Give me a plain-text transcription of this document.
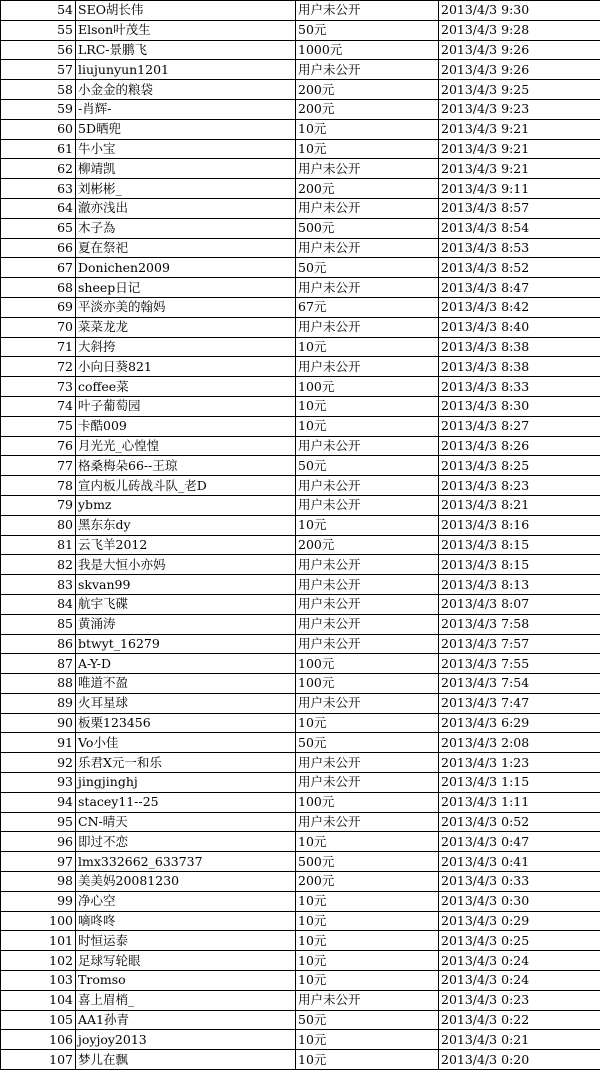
54	SEO胡长伟	用户未公开	2013/4/3 9:30
55	Elson叶茂生	50元	2013/4/3 9:28
56	LRC-景鹏飞	1000元	2013/4/3 9:26
57	liujunyun1201	用户未公开	2013/4/3 9:26
58	小金金的粮袋	200元	2013/4/3 9:25
59	-肖辉-	200元	2013/4/3 9:23
60	5D晒兜	10元	2013/4/3 9:21
61	牛小宝	10元	2013/4/3 9:21
62	柳靖凯	用户未公开	2013/4/3 9:21
63	刘彬彬_	200元	2013/4/3 9:11
64	澈亦浅出	用户未公开	2013/4/3 8:57
65	木子為	500元	2013/4/3 8:54
66	夏在祭祀	用户未公开	2013/4/3 8:53
67	Donichen2009	50元	2013/4/3 8:52
68	sheep日记	用户未公开	2013/4/3 8:47
69	平淡亦美的翰妈	67元	2013/4/3 8:42
70	菜菜龙龙	用户未公开	2013/4/3 8:40
71	大斜挎	10元	2013/4/3 8:38
72	小向日葵821	用户未公开	2013/4/3 8:38
73	coffee菜	100元	2013/4/3 8:33
74	叶子葡萄园	10元	2013/4/3 8:30
75	卡酷009	10元	2013/4/3 8:27
76	月光光_心惶惶	用户未公开	2013/4/3 8:26
77	格桑梅朵66--王琼	50元	2013/4/3 8:25
78	宣内板儿砖战斗队_老D	用户未公开	2013/4/3 8:23
79	ybmz	用户未公开	2013/4/3 8:21
80	黑东东dy	10元	2013/4/3 8:16
81	云飞羊2012	200元	2013/4/3 8:15
82	我是大恒小亦妈	用户未公开	2013/4/3 8:15
83	skvan99	用户未公开	2013/4/3 8:13
84	航宇飞碟	用户未公开	2013/4/3 8:07
85	黄涌涛	用户未公开	2013/4/3 7:58
86	btwyt_16279	用户未公开	2013/4/3 7:57
87	A-Y-D	100元	2013/4/3 7:55
88	唯道不盈	100元	2013/4/3 7:54
89	火耳星球	用户未公开	2013/4/3 7:47
90	板栗123456	10元	2013/4/3 6:29
91	Vo小佳	50元	2013/4/3 2:08
92	乐君X元一和乐	用户未公开	2013/4/3 1:23
93	jingjinghj	用户未公开	2013/4/3 1:15
94	stacey11--25	100元	2013/4/3 1:11
95	CN-晴天	用户未公开	2013/4/3 0:52
96	即过不恋	10元	2013/4/3 0:47
97	lmx332662_633737	500元	2013/4/3 0:41
98	美美妈20081230	200元	2013/4/3 0:33
99	净心空	10元	2013/4/3 0:30
100	嘀咚咚	10元	2013/4/3 0:29
101	时恒运泰	10元	2013/4/3 0:25
102	足球写轮眼	10元	2013/4/3 0:24
103	Tromso	10元	2013/4/3 0:24
104	喜上眉梢_	用户未公开	2013/4/3 0:23
105	AA1孙青	50元	2013/4/3 0:22
106	joyjoy2013	10元	2013/4/3 0:21
107	梦儿在飘	10元	2013/4/3 0:20
